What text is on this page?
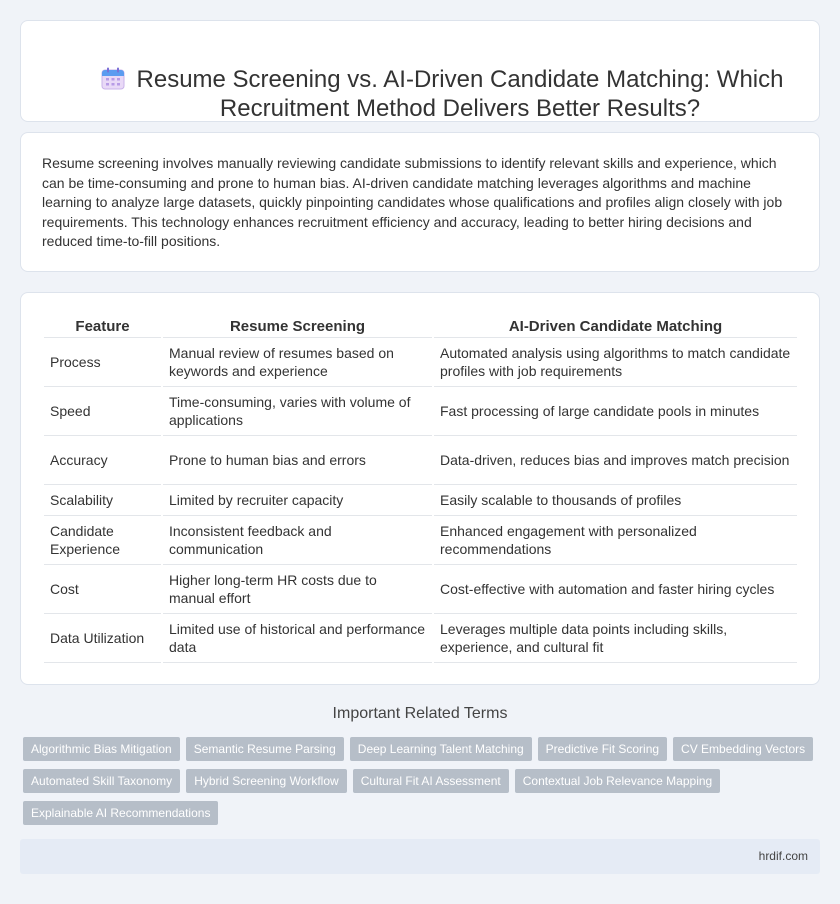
Resume Screening vs. AI-Driven Candidate Matching: Which Recruitment Method Delivers Better Results?

Resume screening involves manually reviewing candidate submissions to identify relevant skills and experience, which can be time-consuming and prone to human bias. AI-driven candidate matching leverages algorithms and machine learning to analyze large datasets, quickly pinpointing candidates whose qualifications and profiles align closely with job requirements. This technology enhances recruitment efficiency and accuracy, leading to better hiring decisions and reduced time-to-fill positions.

Feature	Resume Screening	AI-Driven Candidate Matching
Process	Manual review of resumes based on keywords and experience	Automated analysis using algorithms to match candidate profiles with job requirements
Speed	Time-consuming, varies with volume of applications	Fast processing of large candidate pools in minutes
Accuracy	Prone to human bias and errors	Data-driven, reduces bias and improves match precision
Scalability	Limited by recruiter capacity	Easily scalable to thousands of profiles
Candidate Experience	Inconsistent feedback and communication	Enhanced engagement with personalized recommendations
Cost	Higher long-term HR costs due to manual effort	Cost-effective with automation and faster hiring cycles
Data Utilization	Limited use of historical and performance data	Leverages multiple data points including skills, experience, and cultural fit
Important Related Terms
Algorithmic Bias Mitigation	Semantic Resume Parsing	Deep Learning Talent Matching	Predictive Fit Scoring	CV Embedding Vectors
Automated Skill Taxonomy	Hybrid Screening Workflow	Cultural Fit AI Assessment	Contextual Job Relevance Mapping
Explainable AI Recommendations
hrdif.com
